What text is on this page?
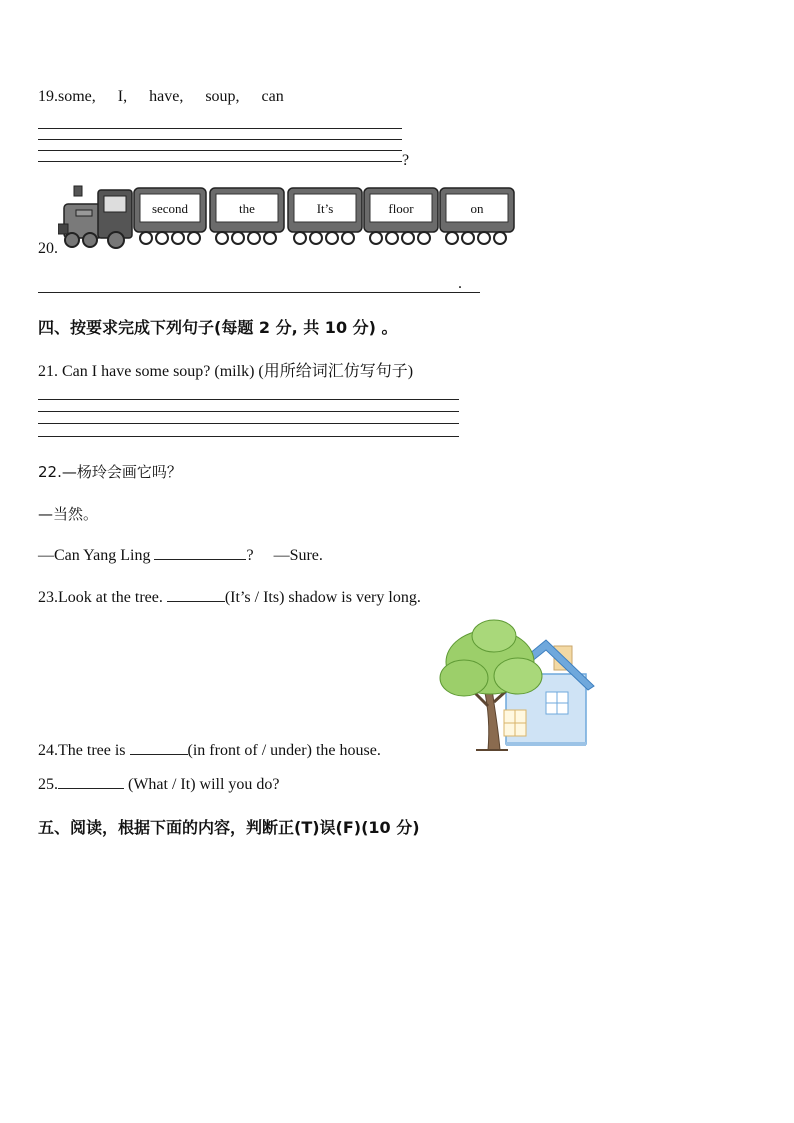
19.some, I, have, soup, can
?
20.
second	the	It’s	floor	on
.
四、按要求完成下列句子(每题 2 分, 共 10 分) 。
21. Can I have some soup? (milk) (用所给词汇仿写句子)
22.—杨玲会画它吗？
—当然。
—Can Yang Ling	? —Sure.
23.Look at the tree.	(It’s / Its) shadow is very long.
24.The tree is	(in front of / under) the house.
25.	(What / It) will you do?
五、阅读，根据下面的内容，判断正(T)误(F)(10 分)
